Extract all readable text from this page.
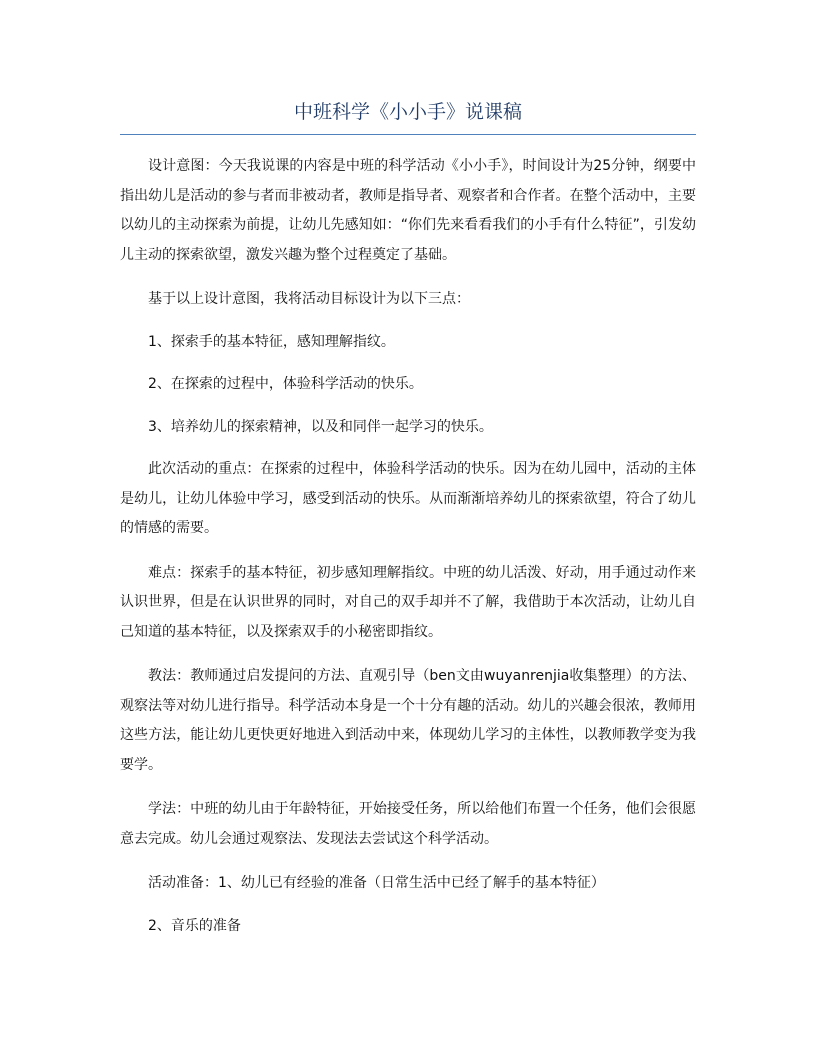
中班科学《小小手》说课稿

设计意图：今天我说课的内容是中班的科学活动《小小手》，时间设计为25分钟，纲要中指出幼儿是活动的参与者而非被动者，教师是指导者、观察者和合作者。在整个活动中，主要以幼儿的主动探索为前提，让幼儿先感知如：“你们先来看看我们的小手有什么特征”，引发幼儿主动的探索欲望，激发兴趣为整个过程奠定了基础。

基于以上设计意图，我将活动目标设计为以下三点：

1、探索手的基本特征，感知理解指纹。

2、在探索的过程中，体验科学活动的快乐。

3、培养幼儿的探索精神，以及和同伴一起学习的快乐。

此次活动的重点：在探索的过程中，体验科学活动的快乐。因为在幼儿园中，活动的主体是幼儿，让幼儿体验中学习，感受到活动的快乐。从而渐渐培养幼儿的探索欲望，符合了幼儿的情感的需要。

难点：探索手的基本特征，初步感知理解指纹。中班的幼儿活泼、好动，用手通过动作来认识世界，但是在认识世界的同时，对自己的双手却并不了解，我借助于本次活动，让幼儿自己知道的基本特征，以及探索双手的小秘密即指纹。

教法：教师通过启发提问的方法、直观引导（ben文由wuyanrenjia收集整理）的方法、观察法等对幼儿进行指导。科学活动本身是一个十分有趣的活动。幼儿的兴趣会很浓，教师用这些方法，能让幼儿更快更好地进入到活动中来，体现幼儿学习的主体性，以教师教学变为我要学。

学法：中班的幼儿由于年龄特征，开始接受任务，所以给他们布置一个任务，他们会很愿意去完成。幼儿会通过观察法、发现法去尝试这个科学活动。

活动准备：1、幼儿已有经验的准备（日常生活中已经了解手的基本特征）

2、音乐的准备
